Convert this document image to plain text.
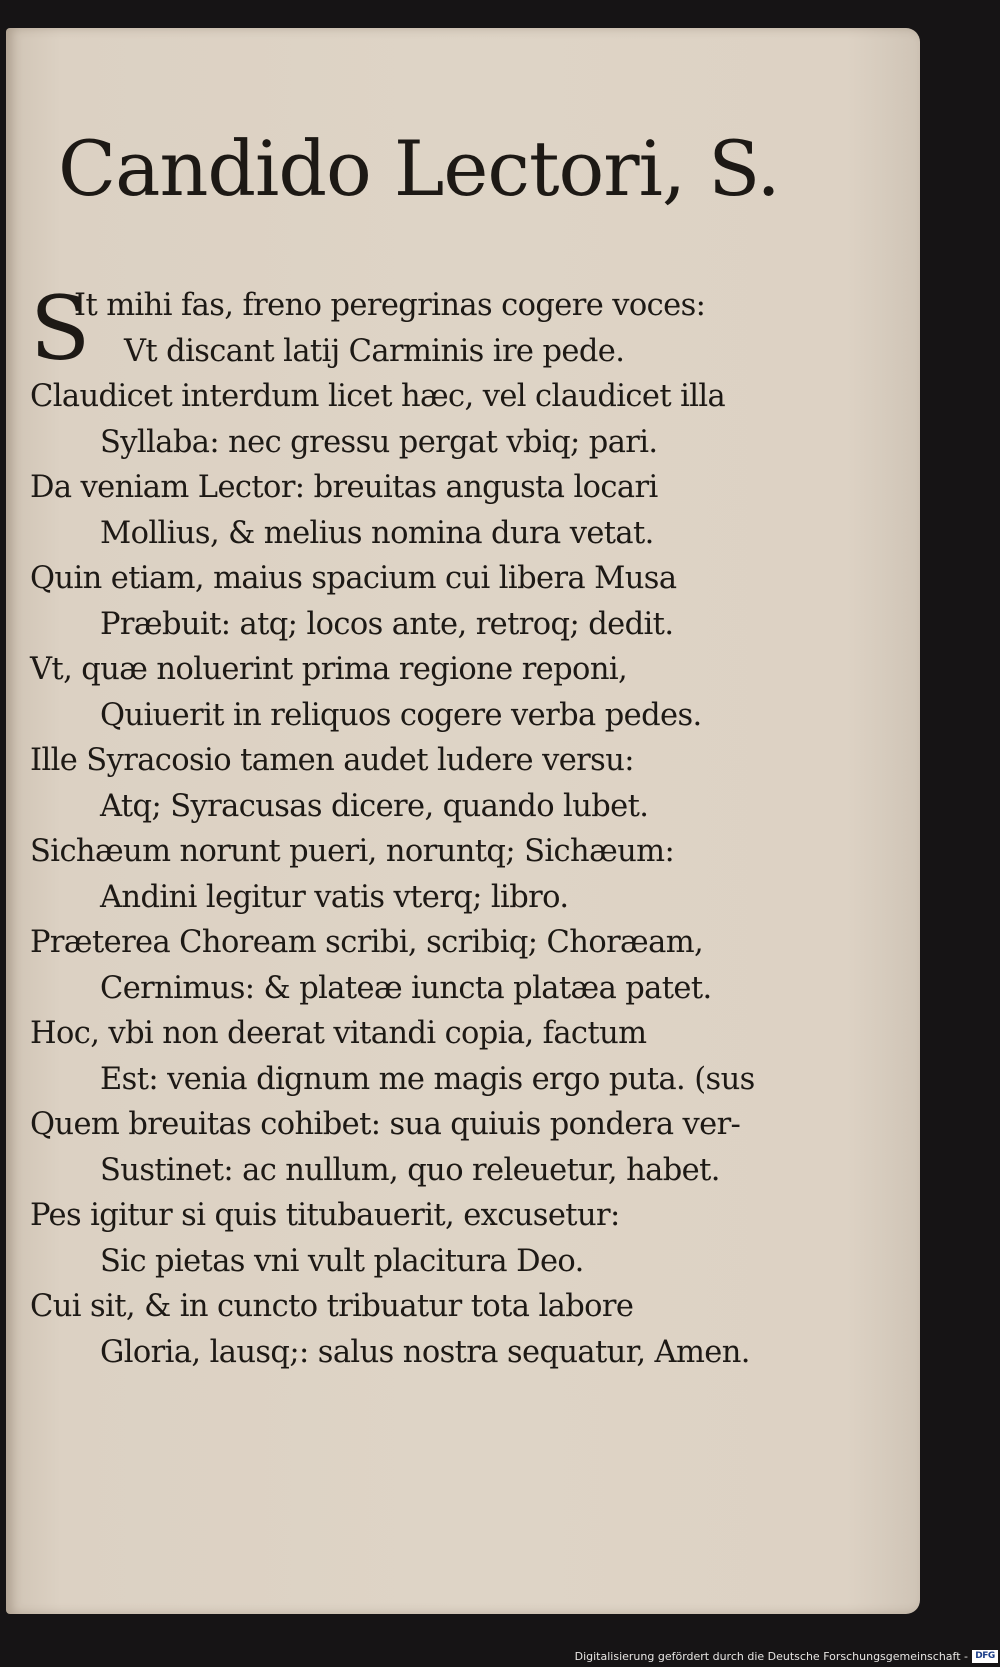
Candido Lectori, S.
S
It mihi fas, freno peregrinas cogere voces:
Vt discant latij Carminis ire pede.
Claudicet interdum licet hæc, vel claudicet illa
Syllaba: nec gressu pergat vbiq; pari.
Da veniam Lector: breuitas angusta locari
Mollius, & melius nomina dura vetat.
Quin etiam, maius spacium cui libera Musa
Præbuit: atq; locos ante, retroq; dedit.
Vt, quæ noluerint prima regione reponi,
Quiuerit in reliquos cogere verba pedes.
Ille Syracosio tamen audet ludere versu:
Atq; Syracusas dicere, quando lubet.
Sichæum norunt pueri, noruntq; Sichæum:
Andini legitur vatis vterq; libro.
Præterea Choream scribi, scribiq; Choræam,
Cernimus: & plateæ iuncta platæa patet.
Hoc, vbi non deerat vitandi copia, factum
Est: venia dignum me magis ergo puta. (sus
Quem breuitas cohibet: sua quiuis pondera ver-
Sustinet: ac nullum, quo releuetur, habet.
Pes igitur si quis titubauerit, excusetur:
Sic pietas vni vult placitura Deo.
Cui sit, & in cuncto tribuatur tota labore
Gloria, lausq;: salus nostra sequatur, Amen.
Digitalisierung gefördert durch die Deutsche Forschungsgemeinschaft - DFG
